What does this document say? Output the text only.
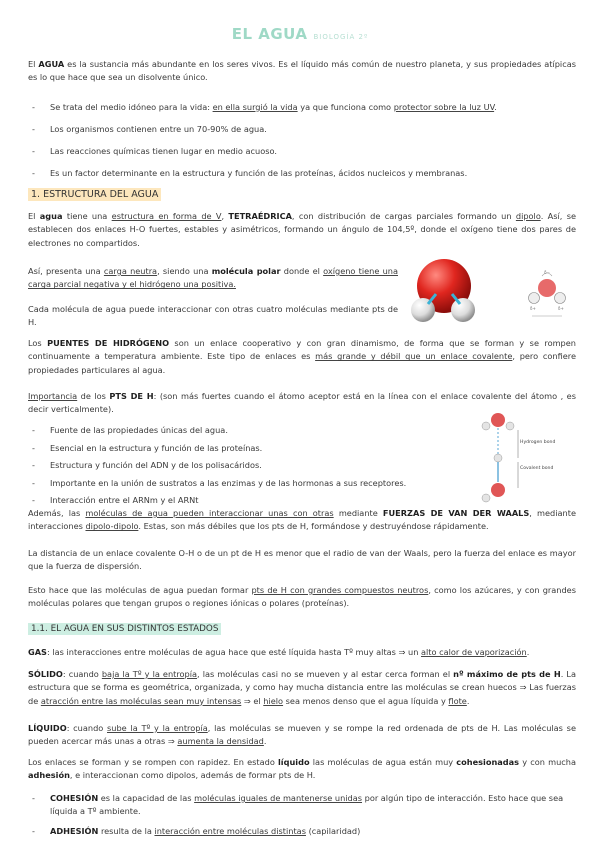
EL AGUA BIOLOGÍA 2º

El AGUA es la sustancia más abundante en los seres vivos. Es el líquido más común de nuestro planeta, y sus propiedades atípicas es lo que hace que sea un disolvente único.

- Se trata del medio idóneo para la vida: en ella surgió la vida ya que funciona como protector sobre la luz UV.
- Los organismos contienen entre un 70-90% de agua.
- Las reacciones químicas tienen lugar en medio acuoso.
- Es un factor determinante en la estructura y función de las proteínas, ácidos nucleicos y membranas.
1. ESTRUCTURA DEL AGUA

El agua tiene una estructura en forma de V, TETRAÉDRICA, con distribución de cargas parciales formando un dipolo. Así, se establecen dos enlaces H-O fuertes, estables y asimétricos, formando un ángulo de 104,5º, donde el oxígeno tiene dos pares de electrones no compartidos.

Así, presenta una carga neutra, siendo una molécula polar donde el oxígeno tiene una carga parcial negativa y el hidrógeno una positiva.

Cada molécula de agua puede interaccionar con otras cuatro moléculas mediante pts de H.

δ−
δ+	δ+

Los PUENTES DE HIDRÓGENO son un enlace cooperativo y con gran dinamismo, de forma que se forman y se rompen continuamente a temperatura ambiente. Este tipo de enlaces es más grande y débil que un enlace covalente, pero confiere propiedades particulares al agua.

Importancia de los PTS DE H: (son más fuertes cuando el átomo aceptor está en la línea con el enlace covalente del átomo , es decir verticalmente).

- Fuente de las propiedades únicas del agua.
- Esencial en la estructura y función de las proteínas.
- Estructura y función del ADN y de los polisacáridos.
- Importante en la unión de sustratos a las enzimas y de las hormonas a sus receptores.
- Interacción entre el ARNm y el ARNt
Hydrogen bond
Covalent bond

Además, las moléculas de agua pueden interaccionar unas con otras mediante FUERZAS DE VAN DER WAALS, mediante interacciones dipolo-dipolo. Estas, son más débiles que los pts de H, formándose y destruyéndose rápidamente.

La distancia de un enlace covalente O-H o de un pt de H es menor que el radio de van der Waals, pero la fuerza del enlace es mayor que la fuerza de dispersión.

Esto hace que las moléculas de agua puedan formar pts de H con grandes compuestos neutros, como los azúcares, y con grandes moléculas polares que tengan grupos o regiones iónicas o polares (proteínas).

1.1. EL AGUA EN SUS DISTINTOS ESTADOS

GAS: las interacciones entre moléculas de agua hace que esté líquida hasta Tº muy altas ⇒ un alto calor de vaporización.

SÓLIDO: cuando baja la Tº y la entropía, las moléculas casi no se mueven y al estar cerca forman el nº máximo de pts de H. La estructura que se forma es geométrica, organizada, y como hay mucha distancia entre las moléculas se crean huecos ⇒ Las fuerzas de atracción entre las moléculas sean muy intensas ⇒ el hielo sea menos denso que el agua líquida y flote.

LÍQUIDO: cuando sube la Tº y la entropía, las moléculas se mueven y se rompe la red ordenada de pts de H. Las moléculas se pueden acercar más unas a otras ⇒ aumenta la densidad.

Los enlaces se forman y se rompen con rapidez. En estado líquido las moléculas de agua están muy cohesionadas y con mucha adhesión, e interaccionan como dipolos, además de formar pts de H.

- COHESIÓN es la capacidad de las moléculas iguales de mantenerse unidas por algún tipo de interacción. Esto hace que sea líquida a Tº ambiente.
- ADHESIÓN resulta de la interacción entre moléculas distintas (capilaridad)
